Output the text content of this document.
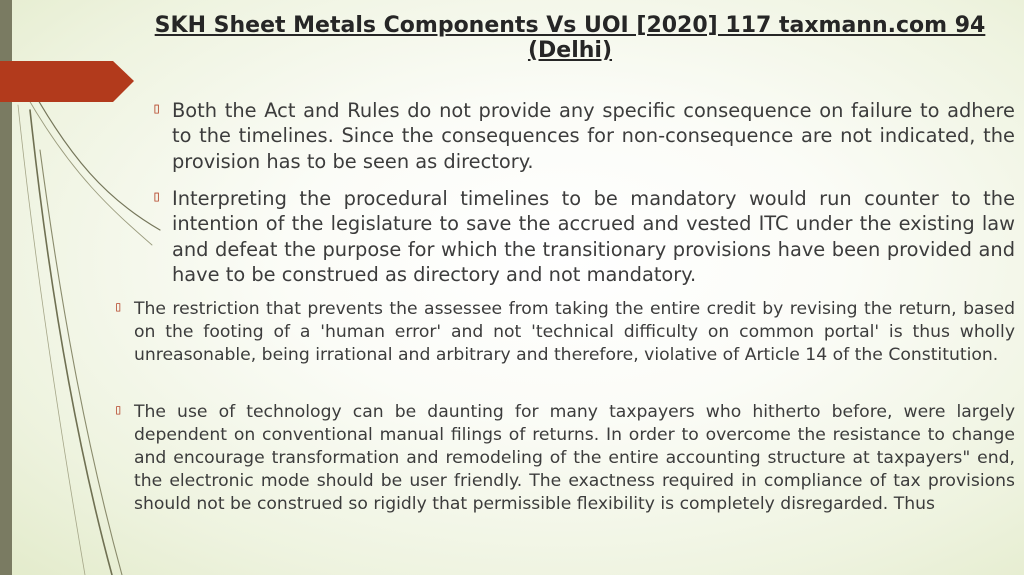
SKH Sheet Metals Components Vs UOI [2020] 117 taxmann.com 94 (Delhi)
▯ Both the Act and Rules do not provide any specific consequence on failure to adhere to the timelines. Since the consequences for non-consequence are not indicated, the provision has to be seen as directory.
▯ Interpreting the procedural timelines to be mandatory would run counter to the intention of the legislature to save the accrued and vested ITC under the existing law and defeat the purpose for which the transitionary provisions have been provided and have to be construed as directory and not mandatory.
▯ The restriction that prevents the assessee from taking the entire credit by revising the return, based on the footing of a 'human error' and not 'technical difficulty on common portal' is thus wholly unreasonable, being irrational and arbitrary and therefore, violative of Article 14 of the Constitution.
▯ The use of technology can be daunting for many taxpayers who hitherto before, were largely dependent on conventional manual filings of returns. In order to overcome the resistance to change and encourage transformation and remodeling of the entire accounting structure at taxpayers" end, the electronic mode should be user friendly. The exactness required in compliance of tax provisions should not be construed so rigidly that permissible flexibility is completely disregarded. Thus
